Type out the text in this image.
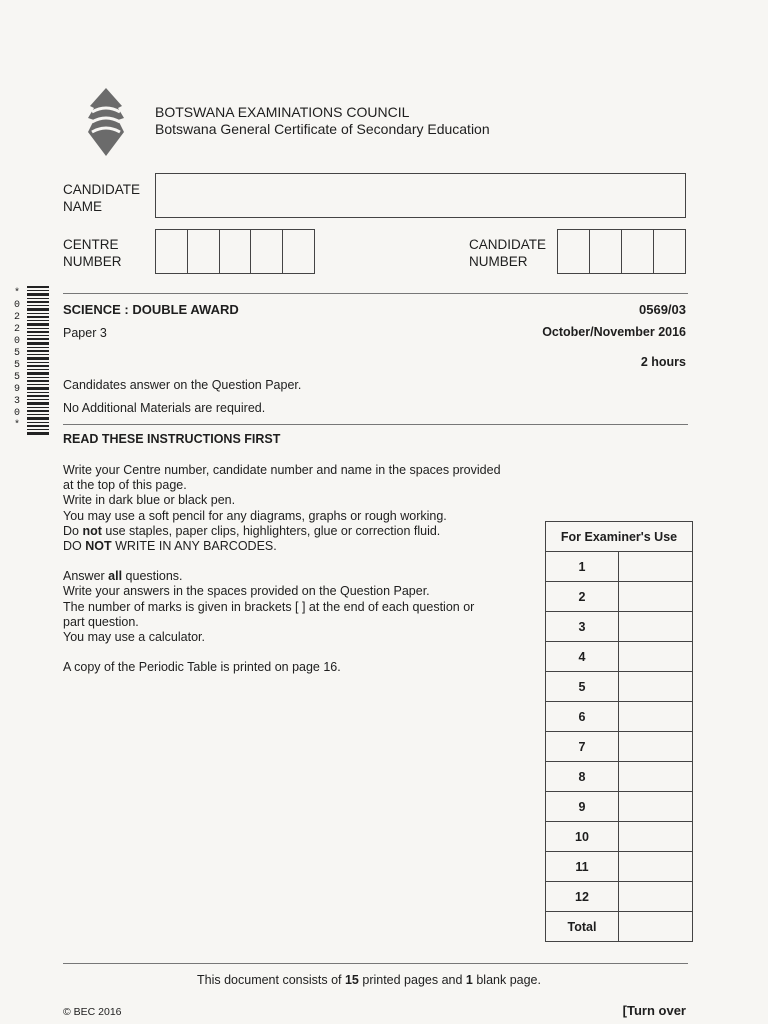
BOTSWANA EXAMINATIONS COUNCIL
Botswana General Certificate of Secondary Education
CANDIDATE NAME
CENTRE NUMBER
CANDIDATE NUMBER
*
0
2
2
0
5
5
5
9
3
0
*
SCIENCE : DOUBLE AWARD	0569/03
Paper 3	October/November 2016
2 hours
Candidates answer on the Question Paper.
No Additional Materials are required.
READ THESE INSTRUCTIONS FIRST

Write your Centre number, candidate number and name in the spaces provided

at the top of this page.

Write in dark blue or black pen.

You may use a soft pencil for any diagrams, graphs or rough working.

Do not use staples, paper clips, highlighters, glue or correction fluid.

DO NOT WRITE IN ANY BARCODES.

Answer all questions.

Write your answers in the spaces provided on the Question Paper.

The number of marks is given in brackets [ ] at the end of each question or

part question.

You may use a calculator.

A copy of the Periodic Table is printed on page 16.

For Examiner's Use	
1	
2	
3	
4	
5	
6	
7	
8	
9	
10	
11	
12	
Total	
This document consists of 15 printed pages and 1 blank page.
© BEC 2016	[Turn over
